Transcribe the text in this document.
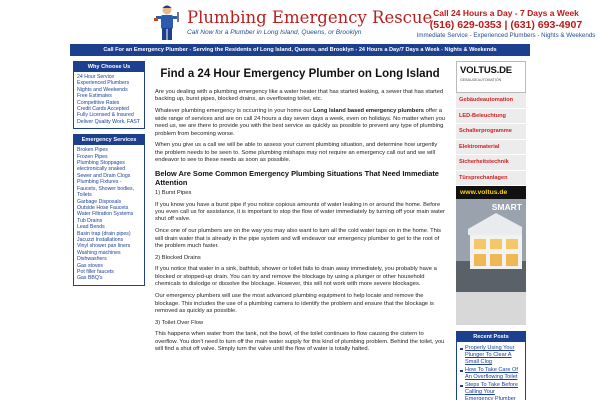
Plumbing Emergency Rescue
Call Now for a Plumber in Long Island, Queens, or Brooklyn
Call 24 Hours a Day - 7 Days a Week
(516) 629-0353 | (631) 693-4907
Immediate Service - Experienced Plumbers - Nights & Weekends
Call For an Emergency Plumber - Serving the Residents of Long Island, Queens, and Brooklyn - 24 Hours a Day/7 Days a Week - Nights & Weekends
Why Choose Us
24 Hour Service
Experienced Plumbers
Nights and Weekends
Free Estimates
Competitive Rates
Credit Cards Accepted
Fully Licensed & Insured
Deliver Quality Work, FAST
Emergency Services
Broken Pipes
Frozen Pipes
Plumbing Stoppages
electronically snaked
Sewer and Drain Clogs
Plumbing Fixtures -
Faucets, Shower bodies,
Toilets
Garbage Disposals
Outside Hose Faucets
Water Filtration Systems
Tub Drains
Lead Bends
Basin trap (drain pipes)
Jacuzzi Installations
Vinyl shower pan liners
Washing machines
Dishwashers
Gas stoves
Pot filler faucets
Gas BBQ's
Find a 24 Hour Emergency Plumber on Long Island

Are you dealing with a plumbing emergency like a water heater that has started leaking, a sewer that has started backing up, burst pipes, blocked drains, an overflowing toilet, etc.

Whatever plumbing emergency is occurring in your home our Long Island based emergency plumbers offer a wide range of services and are on call 24 hours a day seven days a week, even on holidays. No matter when you need us, we are there to provide you with the best service as quickly as possible to prevent any type of plumbing problem from becoming worse.

When you give us a call we will be able to assess your current plumbing situation, and determine how urgently the problem needs to be seen to. Some plumbing mishaps may not require an emergency call out and we will endeavor to see to these needs as soon as possible.

Below Are Some Common Emergency Plumbing Situations That Need Immediate Attention

1) Burst Pipes

If you know you have a burst pipe if you notice copious amounts of water leaking in or around the home. Before you even call us for assistance, it is important to stop the flow of water immediately by turning off your main water shut off valve.

Once one of our plumbers are on the way you may also want to turn all the cold water taps on in the home. This will drain water that is already in the pipe system and will endeavor our emergency plumber to get to the root of the problem much faster.

2) Blocked Drains

If you notice that water in a sink, bathtub, shower or toilet fails to drain away immediately, you probably have a blocked or stopped-up drain. You can try and remove the blockage by using a plunger or other household chemicals to dislodge or dissolve the blockage. However, this will not work with more severe blockages.

Our emergency plumbers will use the most advanced plumbing equipment to help locate and remove the blockage. This includes the use of a plumbing camera to identify the problem and ensure that the blockage is removed as quickly as possible.

3) Toilet Over Flow

This happens when water from the tank, not the bowl, of the toilet continues to flow causing the cistern to overflow. You don't need to turn off the main water supply for this kind of plumbing problem. Behind the toilet, you will find a shut off valve. Simply turn the valve until the flow of water is totally halted.

VOLTUS.DE
GEBÄUDEAUTOMATION
Gebäudeautomation
LED-Beleuchtung
Schalterprogramme
Elektromaterial
Sicherheitstechnik
Türsprechanlagen
www.voltus.de
SMART
Recent Posts
Properly Using Your Plunger To Clear A Small Clog
How To Take Care Of An Overflowing Toilet
Steps To Take Before Calling Your Emergency Plumber
